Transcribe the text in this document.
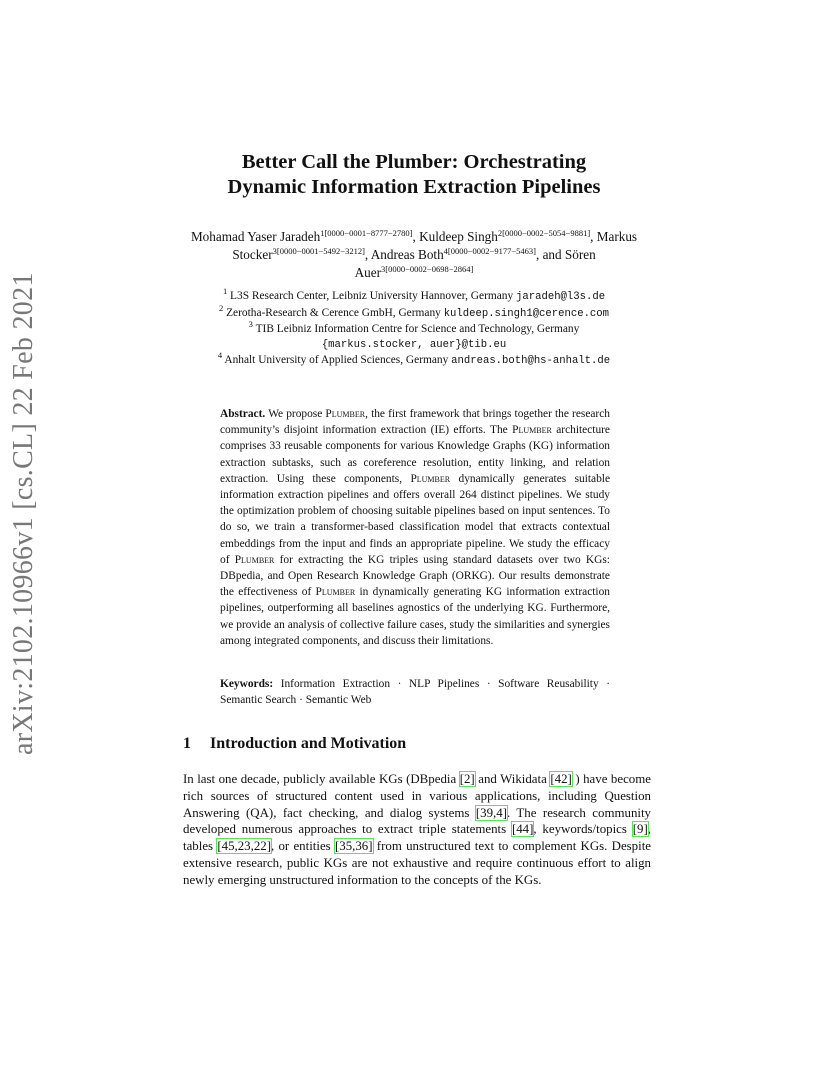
arXiv:2102.10966v1 [cs.CL] 22 Feb 2021
Better Call the Plumber: Orchestrating
Dynamic Information Extraction Pipelines
Mohamad Yaser Jaradeh$^{1[0000-0001-8777-2780]}$, Kuldeep Singh$^{2[0000-0002-5054-9881]}$, Markus Stocker$^{3[0000-0001-5492-3212]}$, Andreas Both$^{4[0000-0002-9177-5463]}$, and Sören Auer$^{3[0000-0002-0698-2864]}$
$^1$ L3S Research Center, Leibniz University Hannover, Germany jaradeh@l3s.de
$^2$ Zerotha-Research & Cerence GmbH, Germany kuldeep.singh1@cerence.com
$^3$ TIB Leibniz Information Centre for Science and Technology, Germany
{markus.stocker, auer}@tib.eu
$^4$ Anhalt University of Applied Sciences, Germany andreas.both@hs-anhalt.de
Abstract. We propose Plumber, the first framework that brings together the research community’s disjoint information extraction (IE) efforts. The Plumber architecture comprises 33 reusable components for various Knowledge Graphs (KG) information extraction subtasks, such as coreference resolution, entity linking, and relation extraction. Using these components, Plumber dynamically generates suitable information extraction pipelines and offers overall 264 distinct pipelines. We study the optimization problem of choosing suitable pipelines based on input sentences. To do so, we train a transformer-based classification model that extracts contextual embeddings from the input and finds an appropriate pipeline. We study the efficacy of Plumber for extracting the KG triples using standard datasets over two KGs: DBpedia, and Open Research Knowledge Graph (ORKG). Our results demonstrate the effectiveness of Plumber in dynamically generating KG information extraction pipelines, outperforming all baselines agnostics of the underlying KG. Furthermore, we provide an analysis of collective failure cases, study the similarities and synergies among integrated components, and discuss their limitations.
Keywords: Information Extraction · NLP Pipelines · Software Reusability · Semantic Search · Semantic Web
1 Introduction and Motivation
In last one decade, publicly available KGs (DBpedia [2] and Wikidata [42] ) have become rich sources of structured content used in various applications, including Question Answering (QA), fact checking, and dialog systems [39,4]. The research community developed numerous approaches to extract triple statements [44], keywords/topics [9], tables [45,23,22], or entities [35,36] from unstructured text to complement KGs. Despite extensive research, public KGs are not exhaustive and require continuous effort to align newly emerging unstructured information to the concepts of the KGs.
